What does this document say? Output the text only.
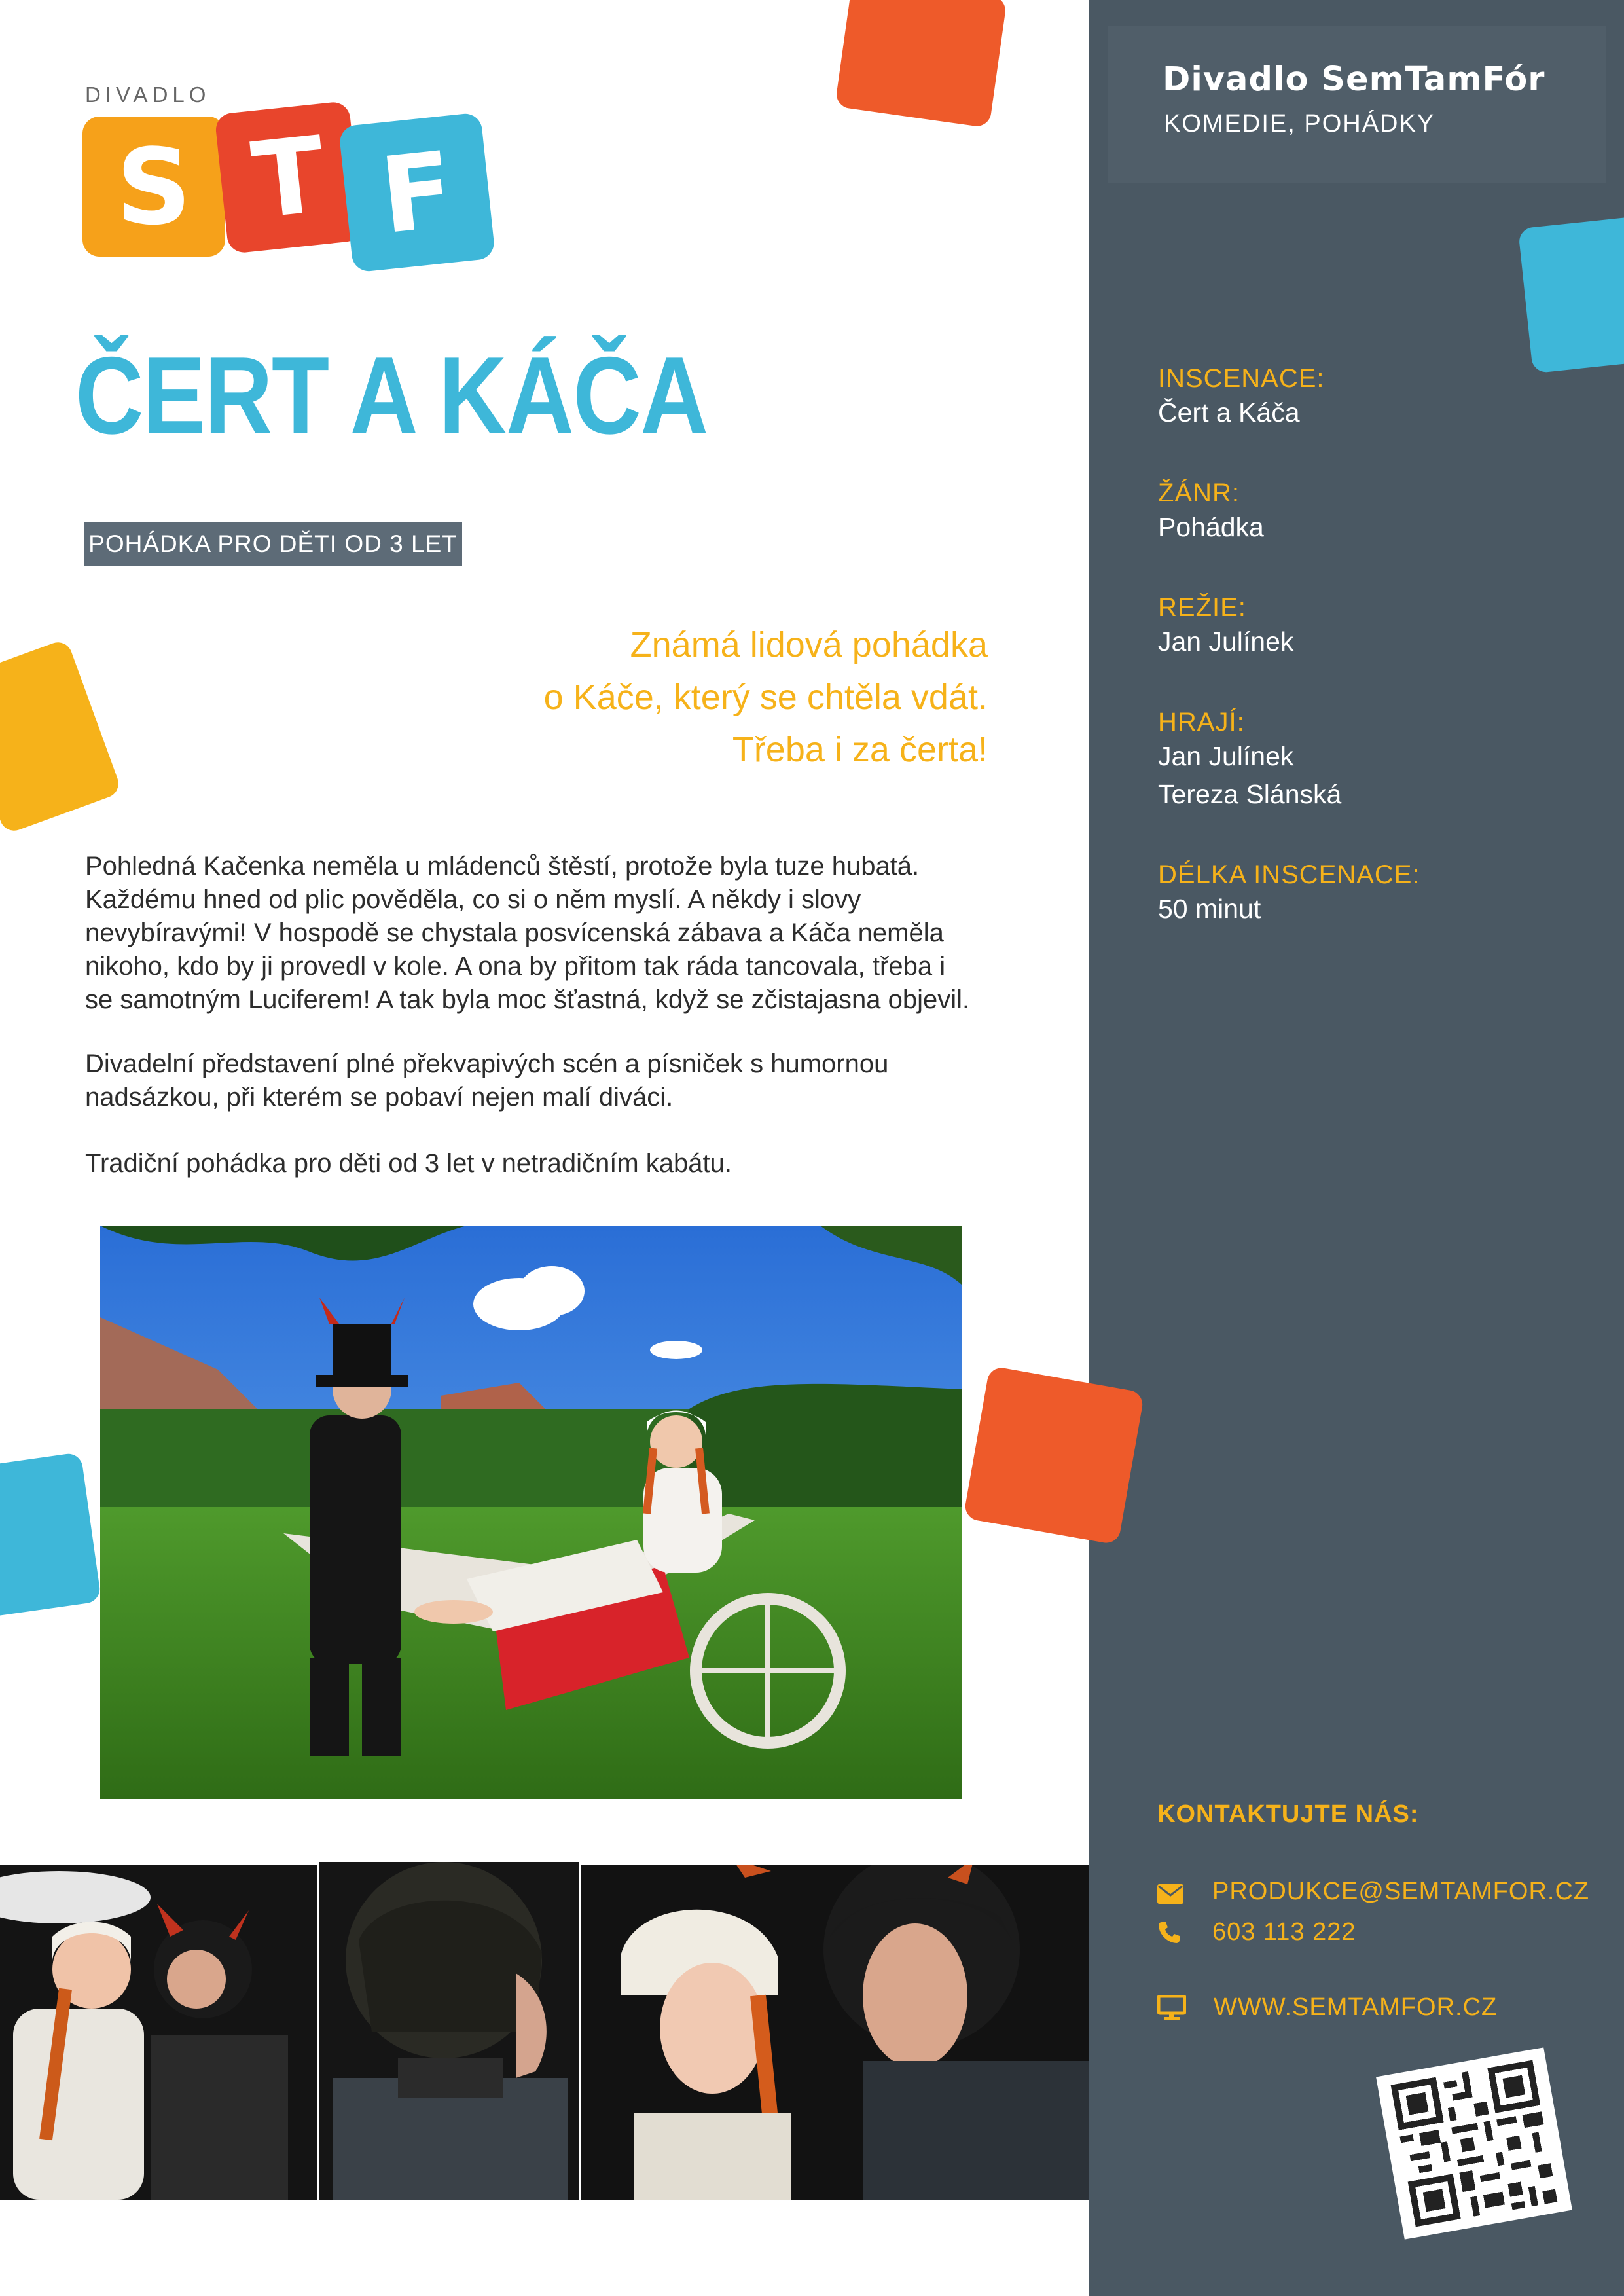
Divadlo SemTamFór
KOMEDIE, POHÁDKY
INSCENACE:
Čert a Káča
ŽÁNR:
Pohádka
REŽIE:
Jan Julínek
HRAJÍ:
Jan Julínek
Tereza Slánská
DÉLKA INSCENACE:
50 minut
KONTAKTUJTE NÁS:
PRODUKCE@SEMTAMFOR.CZ
603 113 222
WWW.SEMTAMFOR.CZ
DIVADLO
S T F
ČERT A KÁČA
POHÁDKA PRO DĚTI OD 3 LET
Známá lidová pohádka
o Káče, který se chtěla vdát.
Třeba i za čerta!
Pohledná Kačenka neměla u mládenců štěstí, protože byla tuze hubatá.
Každému hned od plic pověděla, co si o něm myslí. A někdy i slovy
nevybíravými! V hospodě se chystala posvícenská zábava a Káča neměla
nikoho, kdo by ji provedl v kole. A ona by přitom tak ráda tancovala, třeba i
se samotným Luciferem! A tak byla moc šťastná, když se zčistajasna objevil.
Divadelní představení plné překvapivých scén a písniček s humornou
nadsázkou, při kterém se pobaví nejen malí diváci.
Tradiční pohádka pro děti od 3 let v netradičním kabátu.
